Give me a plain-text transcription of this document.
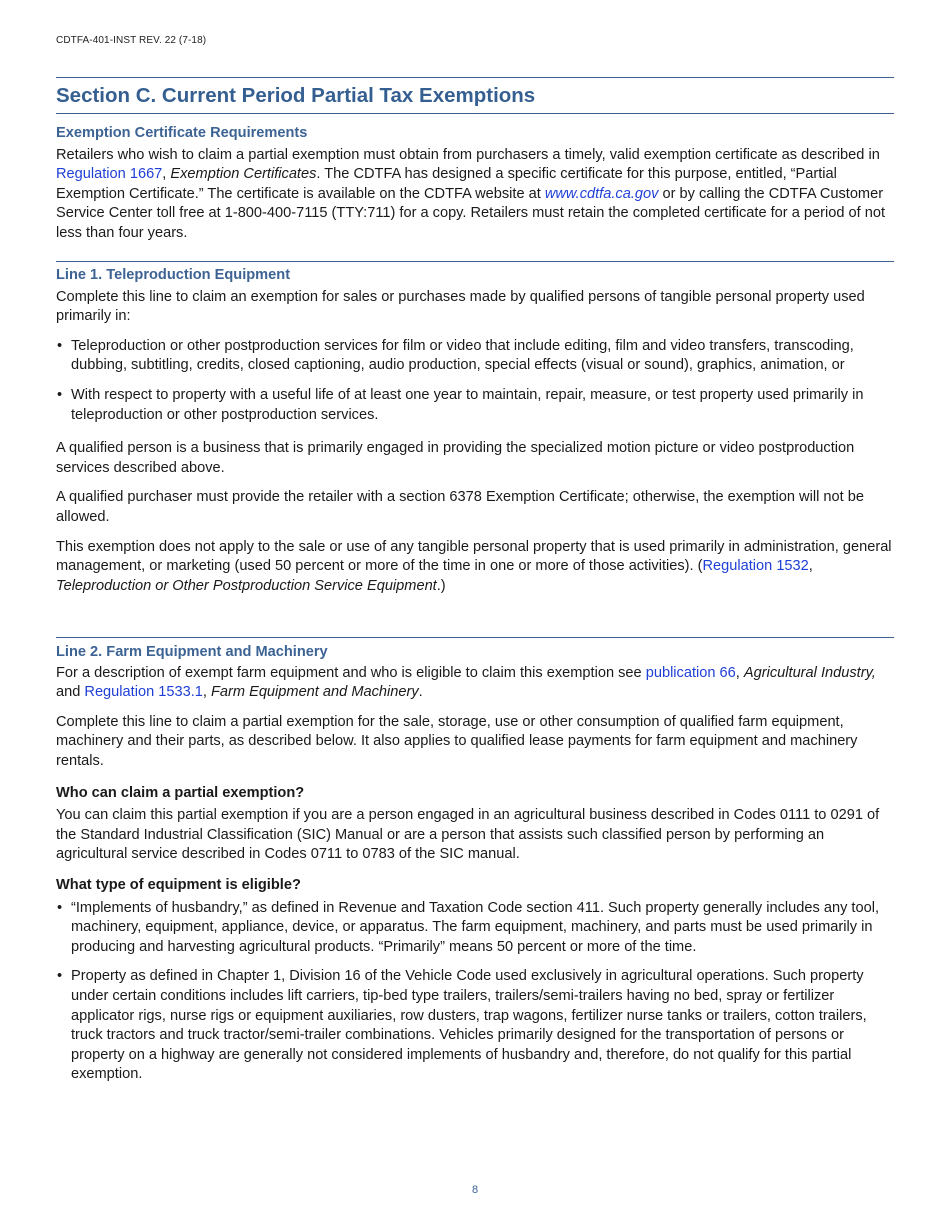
CDTFA-401-INST REV. 22 (7-18)
Section C. Current Period Partial Tax Exemptions
Exemption Certificate Requirements

Retailers who wish to claim a partial exemption must obtain from purchasers a timely, valid exemption certificate as described in Regulation 1667, Exemption Certificates. The CDTFA has designed a specific certificate for this purpose, entitled, “Partial Exemption Certificate.” The certificate is available on the CDTFA website at www.cdtfa.ca.gov or by calling the CDTFA Customer Service Center toll free at 1-800-400-7115 (TTY:711) for a copy. Retailers must retain the completed certificate for a period of not less than four years.

Line 1. Teleproduction Equipment

Complete this line to claim an exemption for sales or purchases made by qualified persons of tangible personal property used primarily in:

• Teleproduction or other postproduction services for film or video that include editing, film and video transfers, transcoding, dubbing, subtitling, credits, closed captioning, audio production, special effects (visual or sound), graphics, animation, or
• With respect to property with a useful life of at least one year to maintain, repair, measure, or test property used primarily in teleproduction or other postproduction services.

A qualified person is a business that is primarily engaged in providing the specialized motion picture or video postproduction services described above.

A qualified purchaser must provide the retailer with a section 6378 Exemption Certificate; otherwise, the exemption will not be allowed.

This exemption does not apply to the sale or use of any tangible personal property that is used primarily in administration, general management, or marketing (used 50 percent or more of the time in one or more of those activities). (Regulation 1532, Teleproduction or Other Postproduction Service Equipment.)

Line 2. Farm Equipment and Machinery

For a description of exempt farm equipment and who is eligible to claim this exemption see publication 66, Agricultural Industry, and Regulation 1533.1, Farm Equipment and Machinery.

Complete this line to claim a partial exemption for the sale, storage, use or other consumption of qualified farm equipment, machinery and their parts, as described below. It also applies to qualified lease payments for farm equipment and machinery rentals.

Who can claim a partial exemption?

You can claim this partial exemption if you are a person engaged in an agricultural business described in Codes 0111 to 0291 of the Standard Industrial Classification (SIC) Manual or are a person that assists such classified person by performing an agricultural service described in Codes 0711 to 0783 of the SIC manual.

What type of equipment is eligible?

• “Implements of husbandry,” as defined in Revenue and Taxation Code section 411. Such property generally includes any tool, machinery, equipment, appliance, device, or apparatus. The farm equipment, machinery, and parts must be used primarily in producing and harvesting agricultural products. “Primarily” means 50 percent or more of the time.
• Property as defined in Chapter 1, Division 16 of the Vehicle Code used exclusively in agricultural operations. Such property under certain conditions includes lift carriers, tip-bed type trailers, trailers/semi-trailers having no bed, spray or fertilizer applicator rigs, nurse rigs or equipment auxiliaries, row dusters, trap wagons, fertilizer nurse tanks or trailers, cotton trailers, truck tractors and truck tractor/semi-trailer combinations. Vehicles primarily designed for the transportation of persons or property on a highway are generally not considered implements of husbandry and, therefore, do not qualify for this partial exemption.
8
